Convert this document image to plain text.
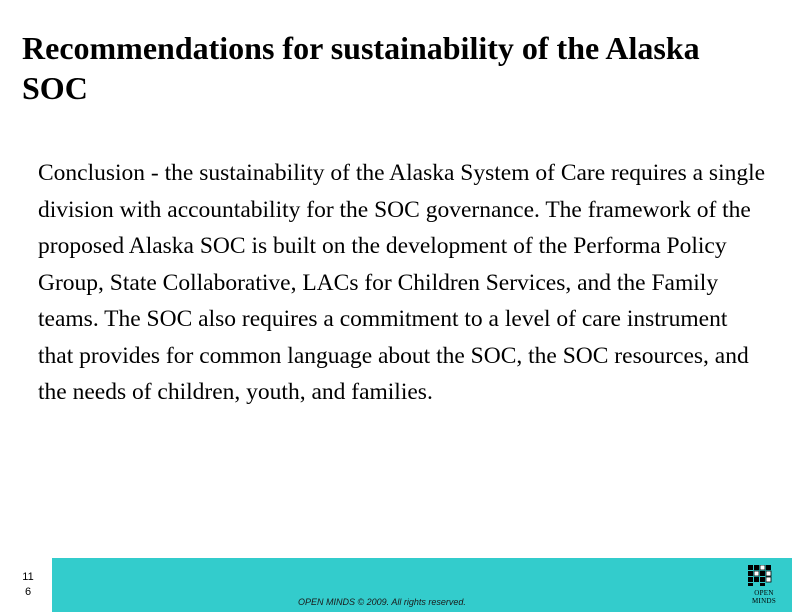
Recommendations for sustainability of the Alaska SOC
Conclusion - the sustainability of the Alaska System of Care requires a single division with accountability for the SOC governance. The framework of the proposed Alaska SOC is built on the development of the Performa Policy Group, State Collaborative, LACs for Children Services, and the Family teams. The SOC also requires a commitment to a level of care instrument that provides for common language about the SOC, the SOC resources, and the needs of children, youth, and families.
11
6
OPEN MINDS © 2009. All rights reserved.
OPEN
MINDS
